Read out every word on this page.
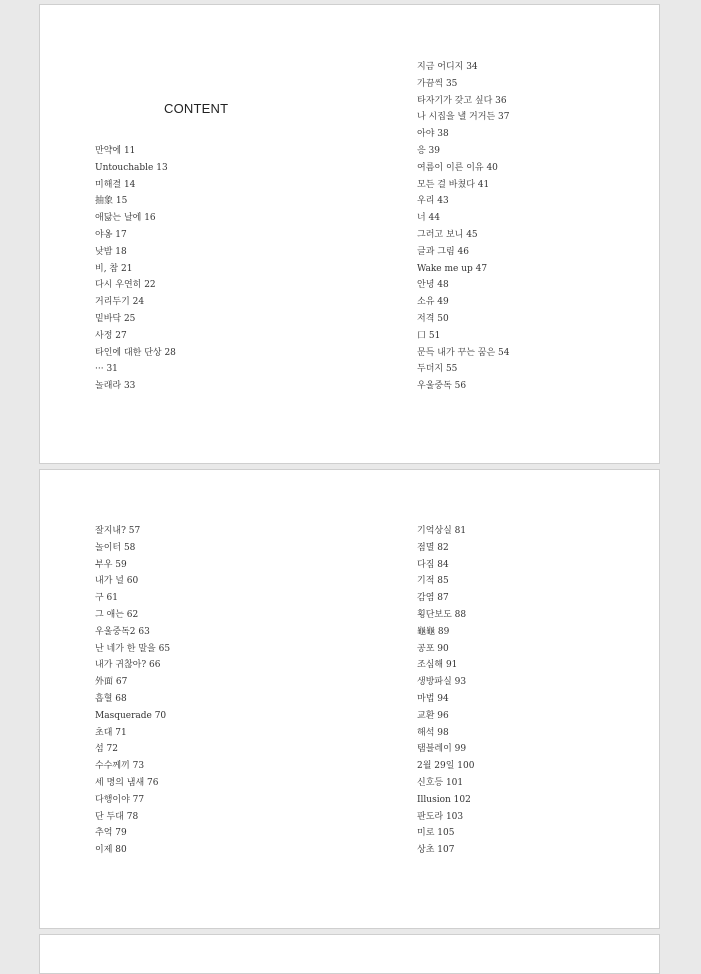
CONTENT
만약에 11
Untouchable 13
미해결 14
抽象 15
애닳는 날에 16
야옹 17
낮밤 18
비, 참 21
다시 우연히 22
거리두기 24
밑바닥 25
사정 27
타인에 대한 단상 28
··· 31
놀래라 33
지금 어디지 34
가끔씩 35
타자기가 갖고 싶다 36
나 시집을 낼 거거든 37
아야 38
응 39
여름이 이른 이유 40
모든 걸 바쳤다 41
우리 43
너 44
그러고 보니 45
글과 그림 46
Wake me up 47
안녕 48
소유 49
저격 50
口 51
문득 내가 꾸는 꿈은 54
두더지 55
우울중독 56
잘지내? 57
놀이터 58
부우 59
내가 널 60
구 61
그 애는 62
우울중독2 63
난 네가 한 말을 65
내가 귀찮아? 66
外面 67
흡혈 68
Masquerade 70
초대 71
섬 72
수수께끼 73
세 명의 냄새 76
다행이야 77
단 두대 78
추억 79
이제 80
기억상실 81
점멸 82
다짐 84
기적 85
감염 87
횡단보도 88
龜龜 89
공포 90
조심해 91
생방파실 93
마법 94
교환 96
해석 98
탬블레이 99
2월 29일 100
신호등 101
Illusion 102
판도라 103
미로 105
상초 107
